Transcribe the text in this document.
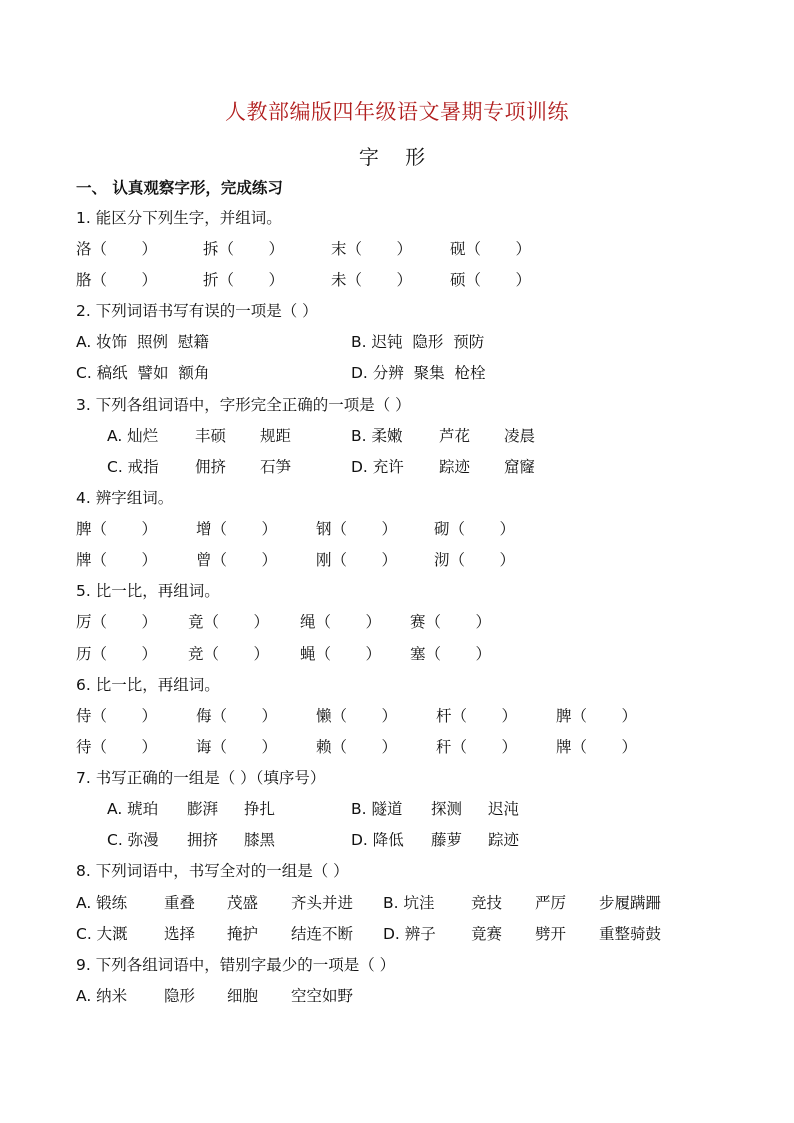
人教部编版四年级语文暑期专项训练
字 形
一、 认真观察字形，完成练习
1. 能区分下列生字，并组词。
洛（       ）	拆（       ）	末（       ） 砚（       ）
胳（       ）	折（       ）	未（       ） 硕（       ）
2. 下列词语书写有误的一项是（ ）
A. 妆饰  照例  慰籍	B. 迟钝  隐形  预防
C. 稿纸  譬如  额角	D. 分辨  聚集  枪栓
3. 下列各组词语中，字形完全正确的一项是（ ）
A. 灿烂 丰硕 规距	B. 柔嫩 芦花 凌晨
C. 戒指 佣挤 石笋	D. 充许 踪迹 窟窿
4. 辨字组词。
脾（       ）	增（       ）	钢（       ） 砌（       ）
牌（       ）	曾（       ）	刚（       ） 沏（       ）
5. 比一比，再组词。
厉（       ） 竟（       ） 绳（       ） 赛（       ）
历（       ） 竞（       ） 蝇（       ） 塞（       ）
6. 比一比，再组词。
侍（       ）	侮（       ）	懒（       ）	杆（       ）	脾（       ）
待（       ）	诲（       ）	赖（       ）	秆（       ）	牌（       ）
7. 书写正确的一组是（ ）（填序号）
A. 琥珀 膨湃 挣扎	B. 隧道 探测 迟沌
C. 弥漫 拥挤 膝黑	D. 降低 藤萝 踪迹
8. 下列词语中，书写全对的一组是（ ）
A. 锻练 重叠 茂盛 齐头并进 B. 坑洼 竞技 严厉 步履蹒跚
C. 大溉 选择 掩护 结连不断 D. 辨子 竟赛 劈开 重整骑鼓
9. 下列各组词语中，错别字最少的一项是（ ）
A. 纳米 隐形 细胞 空空如野
